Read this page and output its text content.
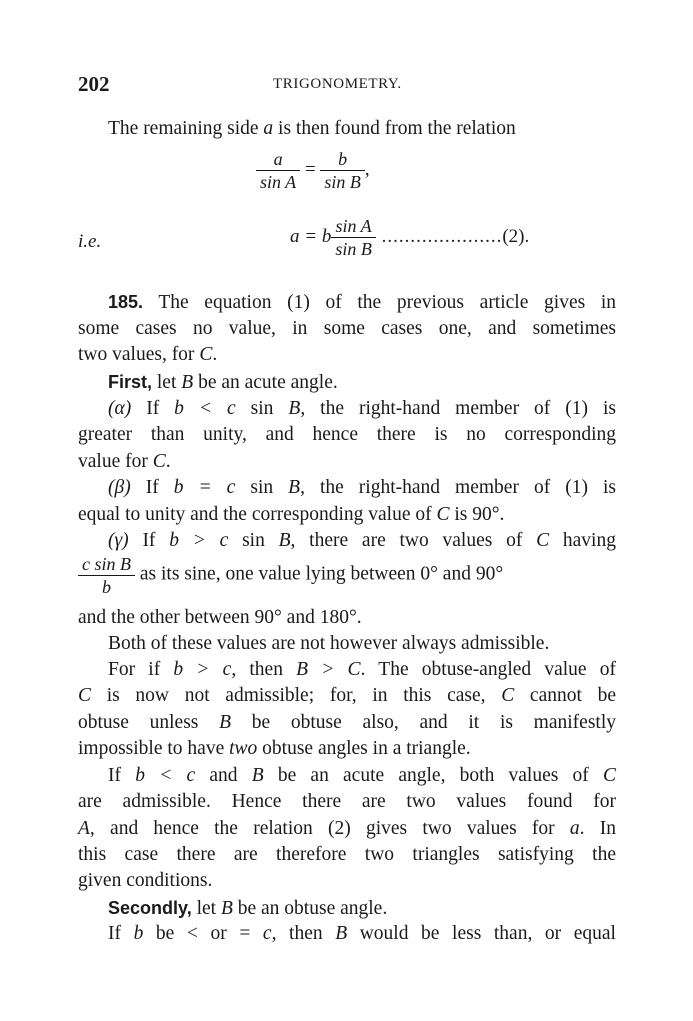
202	TRIGONOMETRY.
The remaining side a is then found from the relation
$\frac{a}{\text{sin A}} = \frac{b}{\text{sin B}}$ ,
i.e.	a = b $\frac{\text{sin A}}{\text{sin B}} .....................(2)$.
185. The equation (1) of the previous article gives in
some cases no value, in some cases one, and sometimes
two values, for C.
First, let B be an acute angle.
(α) If b < c sin B, the right-hand member of (1) is
greater than unity, and hence there is no corresponding
value for C.
(β) If b = c sin B, the right-hand member of (1) is
equal to unity and the corresponding value of C is 90°.
(γ) If b > c sin B, there are two values of C having
$\frac{\text{c sin B}}{b}$ as its sine, one value lying between 0° and 90°
and the other between 90° and 180°.
Both of these values are not however always admissible.
For if b > c, then B > C. The obtuse-angled value of
C is now not admissible; for, in this case, C cannot be
obtuse unless B be obtuse also, and it is manifestly
impossible to have two obtuse angles in a triangle.
If b < c and B be an acute angle, both values of C
are admissible. Hence there are two values found for
A, and hence the relation (2) gives two values for a. In
this case there are therefore two triangles satisfying the
given conditions.
Secondly, let B be an obtuse angle.
If b be < or = c, then B would be less than, or equal
